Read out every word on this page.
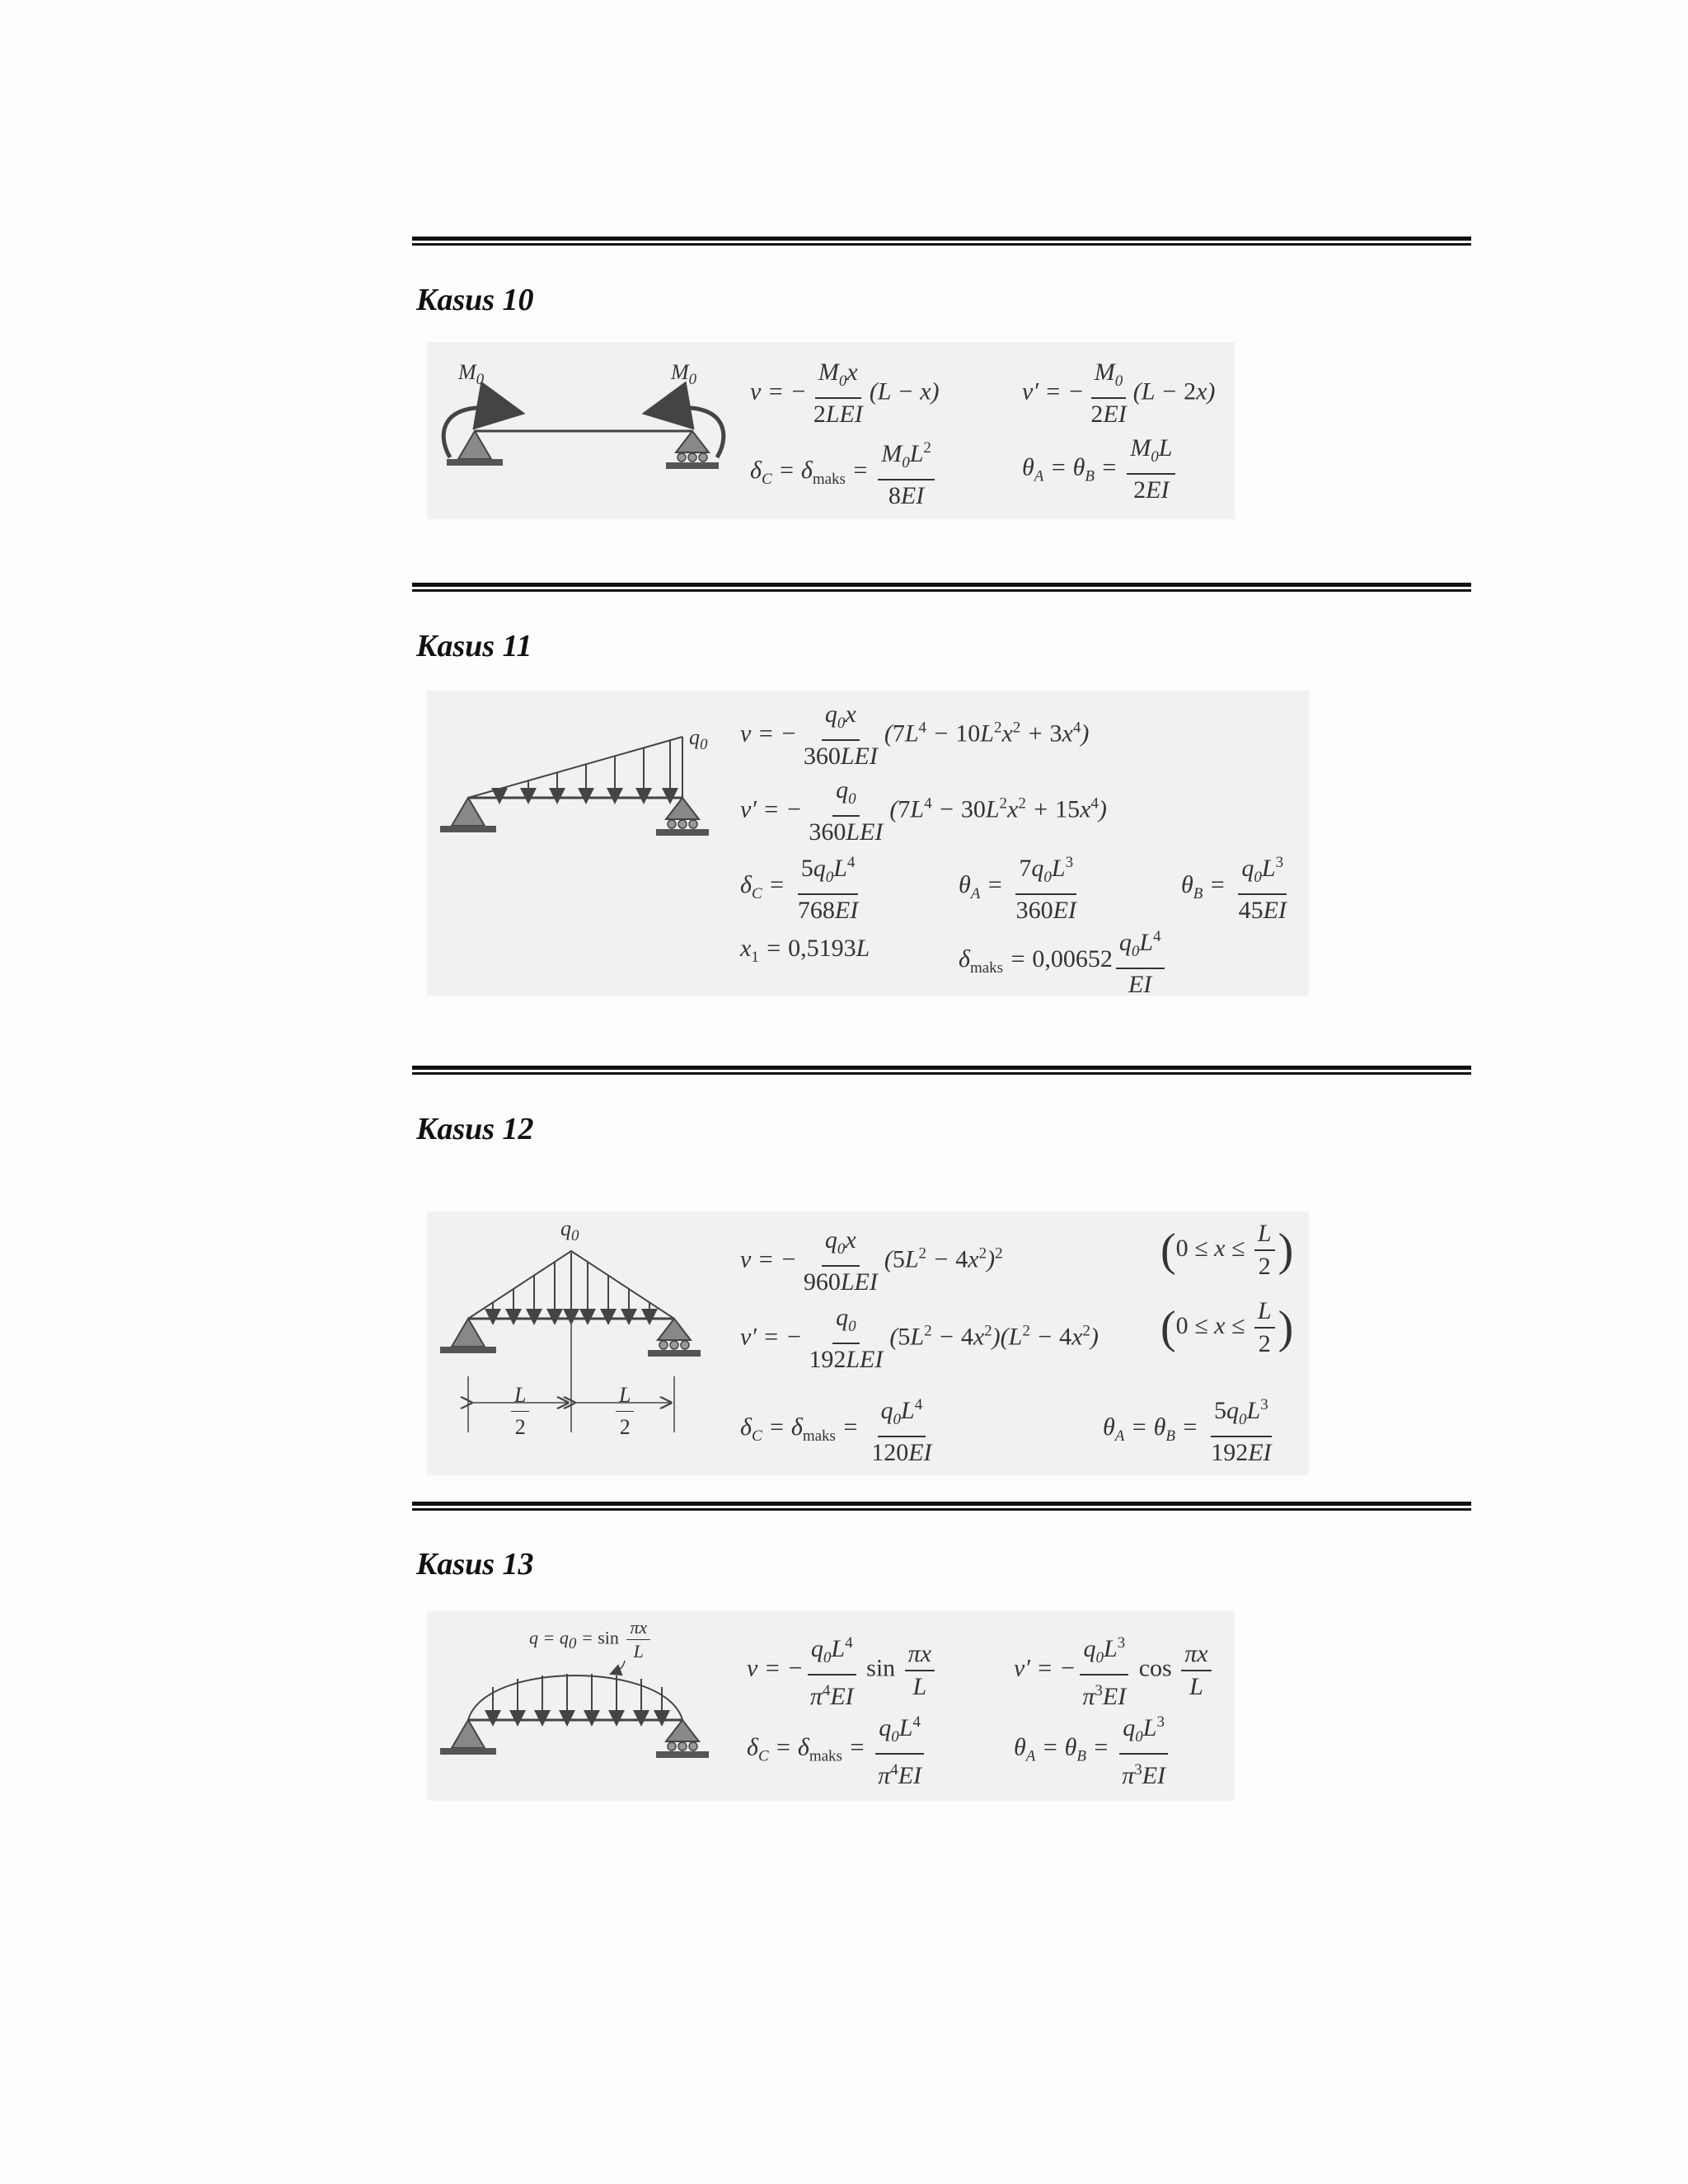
Kasus 10
$M_0$	$M_0$ v = − $\frac{M_0x}{\text{2LEI}} (L - x)$	v′ = − $\frac{M_0}{2EI} (L - 2x)$
$\delta_C = \delta_{maks} = \frac{M_0L^2}{8EI}$	$\theta_A = \theta_B = \frac{M_0L}{2EI}$
Kasus 11
$q_0$ v = − $\frac{q_0x}{\text{360LEI}} (7L^4 - 10L^2x^2 + 3x^4)$
v′ = − $\frac{q_0}{\text{360LEI}} (7L^4 - 30L^2x^2 + 15x^4)$
$\delta_C = \frac{5q_0L^4}{768EI}$	$\theta_A = \frac{7q_0L^3}{360EI}$	$\theta_B = \frac{q_0L^3}{45EI}$
$x_1 = 0,5193L$	$\delta_{maks} = 0,00652 \frac{q_0L^4}{EI}$
Kasus 12
$q_0$
$\frac{L}{2}$	$\frac{L}{2}$
v = − $\frac{q_0x}{\text{960LEI}} (5L^2 - 4x^2)^2$	($0 \le x \le \frac{L}{2}$ )
v′ = − $\frac{q_0}{\text{192LEI}} (5L^2 - 4x^2)(L^2 - 4x^2) (0 \le x \le \frac{L}{2}$ )
$\delta_C = \delta_{maks} = \frac{q_0L^4}{120EI}$	$\theta_A = \theta_B = \frac{5q_0L^3}{192EI}$
Kasus 13
$q = q0 = \sin \frac{\pi x}{L}$
v = − $\frac{q_0L^4}{\pi^4EI}$ $\sin \frac{\pi x}{L}$	v′ = − $\frac{q_0L^3}{\pi^3EI}$ $\cos \frac{\pi x}{L}$
$\delta_C = \delta_{maks} = \frac{q_0L^4}{\pi^4EI}$	$\theta_A = \theta_B = \frac{q_0L^3}{\pi^3EI}$
